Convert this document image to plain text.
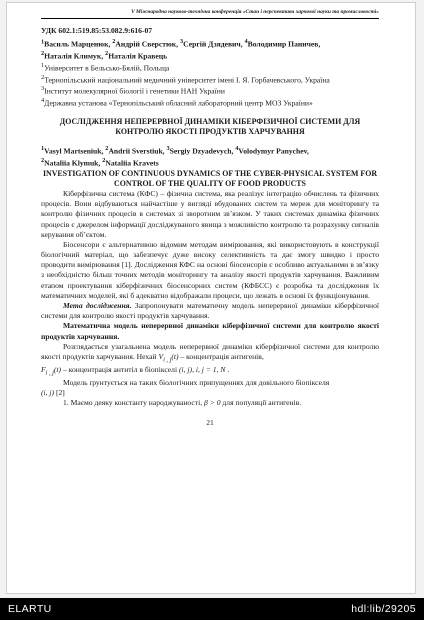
V Міжнародна науково-технічна конференція «Стан і перспективи харчової науки та промисловості»
УДК 602.1:519.85:53.082.9:616-07
$^1$Василь Марценюк, $^2$Андрій Сверстюк, $^3$Сергій Дзядевич, $^4$Володимир Паничев,
$^2$Наталія Климук, $^2$Наталія Кравець

$^1$Університет в Бельсько-Бялій, Польща

$^2$Тернопільський національний медичний університет імені І. Я. Горбачевського, Україна

$^3$Інститут молекулярної біології і генетики НАН України

$^4$Державна установа «Тернопільський обласний лабораторний центр МОЗ України»

ДОСЛІДЖЕННЯ НЕПЕРЕРВНОЇ ДИНАМІКИ КІБЕРФІЗИЧНОЇ СИСТЕМИ ДЛЯ КОНТРОЛЮ ЯКОСТІ ПРОДУКТІВ ХАРЧУВАННЯ
$^1$Vasyl Martseniuk, $^2$Andrii Sverstiuk, $^3$Sergiy Dzyadevych, $^4$Volodymyr Panychev,
$^2$Nataliia Klymuk, $^2$Nataliia Kravets
INVESTIGATION OF CONTINUOUS DYNAMICS OF THE CYBER-PHYSICAL SYSTEM FOR CONTROL OF THE QUALITY OF FOOD PRODUCTS

Кіберфізична система (КФС) – фізична система, яка реалізує інтеграцію обчислень та фізичних процесів. Вони відбуваються найчастіше у вигляді вбудованих систем та мереж для моніторингу та контролю фізичних процесів в системах зі зворотним зв’язком. У таких системах динаміка фізичних процесів є джерелом інформації досліджуваного явища з можливістю контролю та розрахунку сигналів керування об’єктом.

Біосенсори є альтернативою відомим методам вимірювання, які використовують в конструкції біологічний матеріал, що забезпечує дуже високу селективність та дає змогу швидко і просто проводити вимірювання [1]. Дослідження КФС на основі біосенсорів є особливо актуальними в зв’язку з необхідністю більш точних методів моніторингу та аналізу якості продуктів харчування. Важливим етапом проектування кіберфізичних біосенсорних систем (КФБСС) є розробка та дослідження їх математичних моделей, які б адекватно відображали процеси, що лежать в основі їх функціонування.

Мета дослідження. Запропонувати математичну модель неперервної динаміки кіберфізичної системи для контролю якості продуктів харчування.

Математична модель неперервної динаміки кіберфізичної системи для контролю якості продуктів харчування.

Розглядається узагальнена модель неперервної динаміки кіберфізичної системи для контролю якості продуктів харчування. Нехай $V_{i , j}(t)$ – концентрація антигенів,
$F_{i , j}(t)$ – концентрація антитіл в біопікселі (i, j), i, j = 1, N .

Модель ґрунтується на таких біологічних припущеннях для довільного біопікселя
(i, j) [2]

1. Маємо деяку константу народжуваності, β > 0 для популяції антигенів.

21
ELARTU	hdl:lib/29205
